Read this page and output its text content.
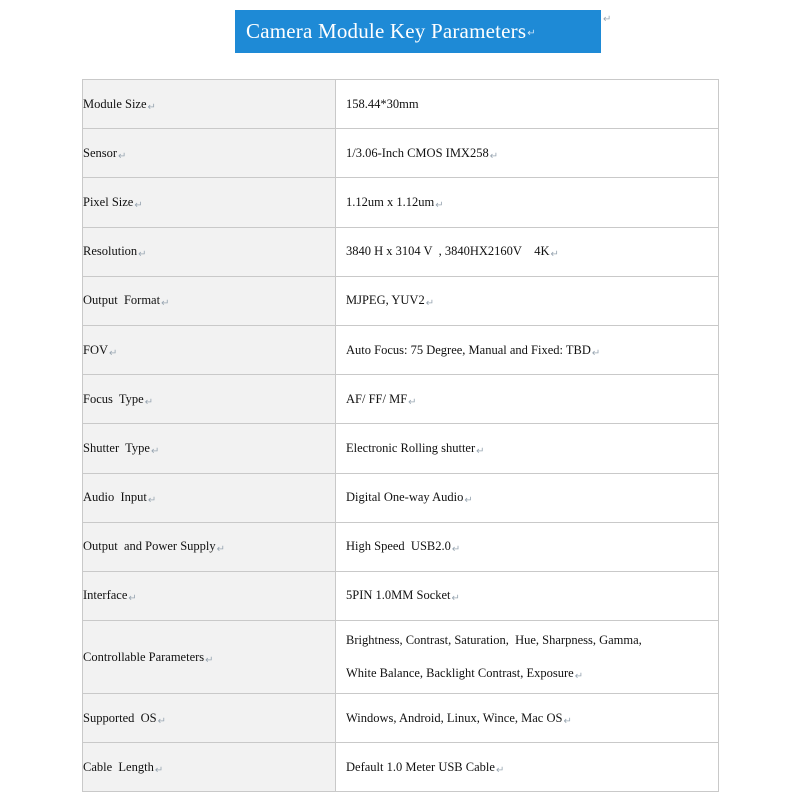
Camera Module Key Parameters ↵
↵
Module Size↵	158.44*30mm
Sensor↵	1/3.06-Inch CMOS IMX258↵
Pixel Size↵	1.12um x 1.12um↵
Resolution↵	3840 H x 3104 V  , 3840HX2160V    4K↵
Output  Format↵	MJPEG, YUV2↵
FOV↵	Auto Focus: 75 Degree, Manual and Fixed: TBD↵
Focus  Type↵	AF/ FF/ MF↵
Shutter  Type↵	Electronic Rolling shutter↵
Audio  Input↵	Digital One-way Audio↵
Output  and Power Supply↵	High Speed  USB2.0↵
Interface↵	5PIN 1.0MM Socket↵
Controllable Parameters↵	Brightness, Contrast, Saturation,  Hue, Sharpness, Gamma,
White Balance, Backlight Contrast, Exposure↵

Supported  OS↵	Windows, Android, Linux, Wince, Mac OS↵
Cable  Length↵	Default 1.0 Meter USB Cable↵
